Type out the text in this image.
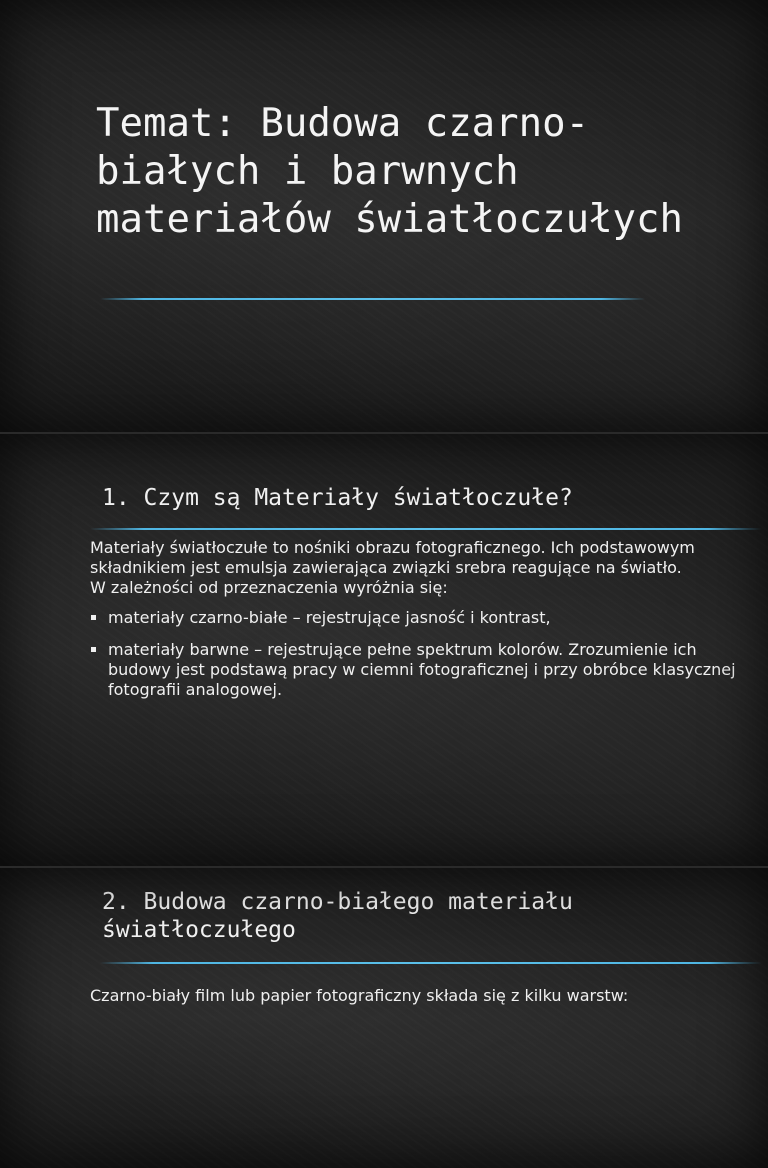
Temat: Budowa czarno-białych i barwnych materiałów światłoczułych
1. Czym są Materiały światłoczułe?

Materiały światłoczułe to nośniki obrazu fotograficznego. Ich podstawowym składnikiem jest emulsja zawierająca związki srebra reagujące na światło.

W zależności od przeznaczenia wyróżnia się:

materiały czarno-białe – rejestrujące jasność i kontrast,
materiały barwne – rejestrujące pełne spektrum kolorów. Zrozumienie ich budowy jest podstawą pracy w ciemni fotograficznej i przy obróbce klasycznej fotografii analogowej.
2. Budowa czarno-białego materiału światłoczułego

Czarno-biały film lub papier fotograficzny składa się z kilku warstw:
